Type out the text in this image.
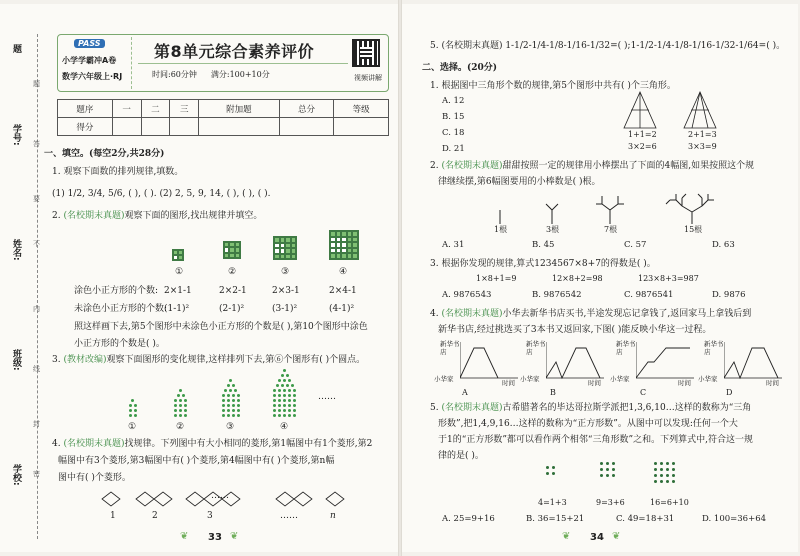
题
学号:
姓名:
班级:
学校:
题
答
要
不
内
线
封
密
PASS
小学学霸冲A卷
数学六年级上·RJ
第8单元综合素养评价
时间:60分钟 满分:100+10分	视频讲解
题序	一	二	三	附加题	总分	等级
得分						
一、填空。(每空2分,共28分)
1. 观察下面数的排列规律,填数。
(1) 1/2, 3/4, 5/6, ( ), ( ). (2) 2, 5, 9, 14, ( ), ( ), ( ).
2. (名校期末真题)观察下面的图形,找出规律并填空。
①	②	③	④
涂色小正方形的个数: 2×1-1	2×2-1	2×3-1	2×4-1
未涂色小正方形的个数:
(1-1)²	(2-1)²	(3-1)²	(4-1)²
照这样画下去,第5个图形中未涂色小正方形的个数是( ),第10个图形中涂色
小正方形的个数是( )。
3. (教材改编)观察下面图形的变化规律,这样排列下去,第⑥个图形有( )个圆点。
①	②	③	④
……
4. (名校期末真题)找规律。下列图中有大小相同的菱形,第1幅图中有1个菱形,第2
幅图中有3个菱形,第3幅图中有( )个菱形,第4幅图中有( )个菱形,第n幅
图中有( )个菱形。
……
1	2	3	……	n
❦	33 ❦
5. (名校期末真题) 1-1/2-1/4-1/8-1/16-1/32=( );1-1/2-1/4-1/8-1/16-1/32-1/64=( )。
二、选择。(20分)
1. 根据图中三角形个数的规律,第5个图形中共有( )个三角形。
A. 12
B. 15
C. 18
D. 21
1+1=2
3×2=6
2+1=3
3×3=9
2. (名校期末真题)甜甜按照一定的规律用小棒摆出了下面的4幅图,如果按照这个规
律继续摆,第6幅图要用的小棒数是( )根。
1根	3根	7根	15根
A. 31	B. 45	C. 57	D. 63
3. 根据你发现的规律,算式1234567×8+7的得数是( )。
1×8+1=9	12×8+2=98	123×8+3=987
A. 9876543	B. 9876542	C. 9876541	D. 9876
4. (名校期末真题)小华去新华书店买书,半途发现忘记拿钱了,返回家马上拿钱后到
新华书店,经过挑选买了3本书又返回家,下图( )能反映小华这一过程。
新华书店
小华家	时间
新华书店
小华家	时间
新华书店
小华家	时间
新华书店
小华家	时间
A	B	C	D
5. (名校期末真题)古希腊著名的毕达哥拉斯学派把1,3,6,10…这样的数称为“三角
形数”,把1,4,9,16…这样的数称为“正方形数”。从图中可以发现:任何一个大
于1的“正方形数”都可以看作两个相邻“三角形数”之和。下列算式中,符合这一规
律的是( )。
4=1+3	9=3+6	16=6+10
A. 25=9+16	B. 36=15+21	C. 49=18+31	D. 100=36+64
❦	34 ❦
